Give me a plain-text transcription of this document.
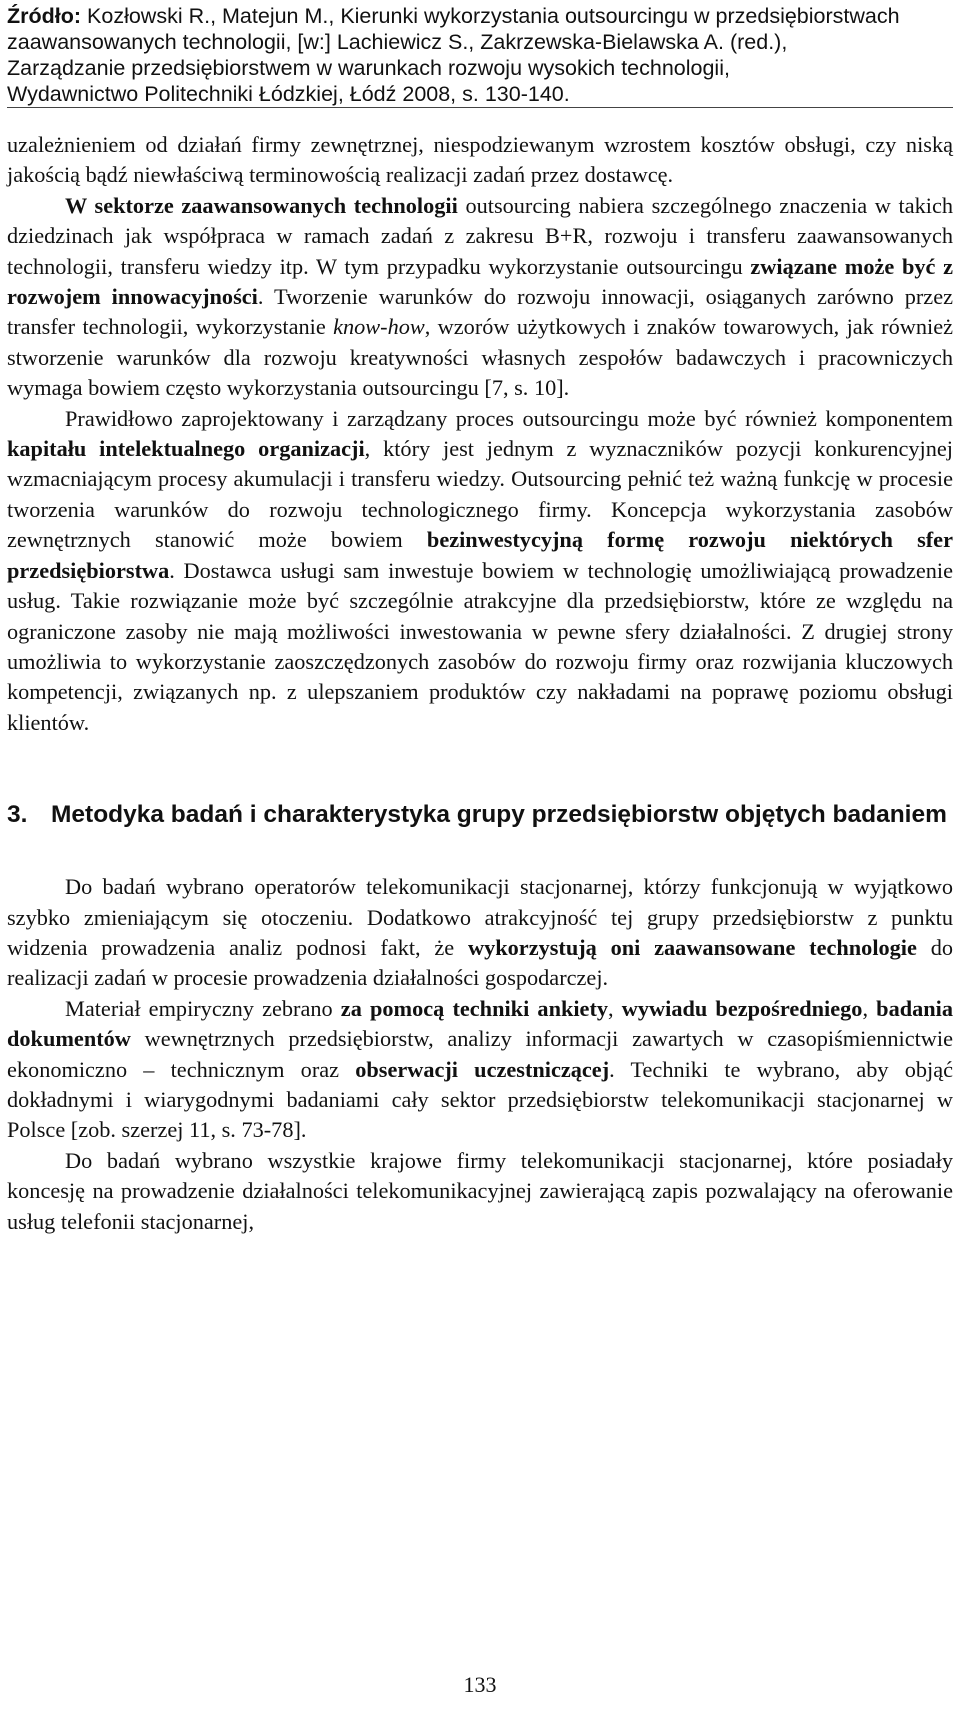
Źródło: Kozłowski R., Matejun M., Kierunki wykorzystania outsourcingu w przedsiębiorstwach

zaawansowanych technologii, [w:] Lachiewicz S., Zakrzewska-Bielawska A. (red.),

Zarządzanie przedsiębiorstwem w warunkach rozwoju wysokich technologii,

Wydawnictwo Politechniki Łódzkiej, Łódź 2008, s. 130-140.

uzależnieniem od działań firmy zewnętrznej, niespodziewanym wzrostem kosztów obsługi, czy niską jakością bądź niewłaściwą terminowością realizacji zadań przez dostawcę.

W sektorze zaawansowanych technologii outsourcing nabiera szczególnego znaczenia w takich dziedzinach jak współpraca w ramach zadań z zakresu B+R, rozwoju i transferu zaawansowanych technologii, transferu wiedzy itp. W tym przypadku wykorzystanie outsourcingu związane może być z rozwojem innowacyjności. Tworzenie warunków do rozwoju innowacji, osiąganych zarówno przez transfer technologii, wykorzystanie know-how, wzorów użytkowych i znaków towarowych, jak również stworzenie warunków dla rozwoju kreatywności własnych zespołów badawczych i pracowniczych wymaga bowiem często wykorzystania outsourcingu [7, s. 10].

Prawidłowo zaprojektowany i zarządzany proces outsourcingu może być również komponentem kapitału intelektualnego organizacji, który jest jednym z wyznaczników pozycji konkurencyjnej wzmacniającym procesy akumulacji i transferu wiedzy. Outsourcing pełnić też ważną funkcję w procesie tworzenia warunków do rozwoju technologicznego firmy. Koncepcja wykorzystania zasobów zewnętrznych stanowić może bowiem bezinwestycyjną formę rozwoju niektórych sfer przedsiębiorstwa. Dostawca usługi sam inwestuje bowiem w technologię umożliwiającą prowadzenie usług. Takie rozwiązanie może być szczególnie atrakcyjne dla przedsiębiorstw, które ze względu na ograniczone zasoby nie mają możliwości inwestowania w pewne sfery działalności. Z drugiej strony umożliwia to wykorzystanie zaoszczędzonych zasobów do rozwoju firmy oraz rozwijania kluczowych kompetencji, związanych np. z ulepszaniem produktów czy nakładami na poprawę poziomu obsługi klientów.

3. Metodyka badań i charakterystyka grupy przedsiębiorstw objętych badaniem

Do badań wybrano operatorów telekomunikacji stacjonarnej, którzy funkcjonują w wyjątkowo szybko zmieniającym się otoczeniu. Dodatkowo atrakcyjność tej grupy przedsiębiorstw z punktu widzenia prowadzenia analiz podnosi fakt, że wykorzystują oni zaawansowane technologie do realizacji zadań w procesie prowadzenia działalności gospodarczej.

Materiał empiryczny zebrano za pomocą techniki ankiety, wywiadu bezpośredniego, badania dokumentów wewnętrznych przedsiębiorstw, analizy informacji zawartych w czasopiśmiennictwie ekonomiczno – technicznym oraz obserwacji uczestniczącej. Techniki te wybrano, aby objąć dokładnymi i wiarygodnymi badaniami cały sektor przedsiębiorstw telekomunikacji stacjonarnej w Polsce [zob. szerzej 11, s. 73-78].

Do badań wybrano wszystkie krajowe firmy telekomunikacji stacjonarnej, które posiadały koncesję na prowadzenie działalności telekomunikacyjnej zawierającą zapis pozwalający na oferowanie usług telefonii stacjonarnej,

133
